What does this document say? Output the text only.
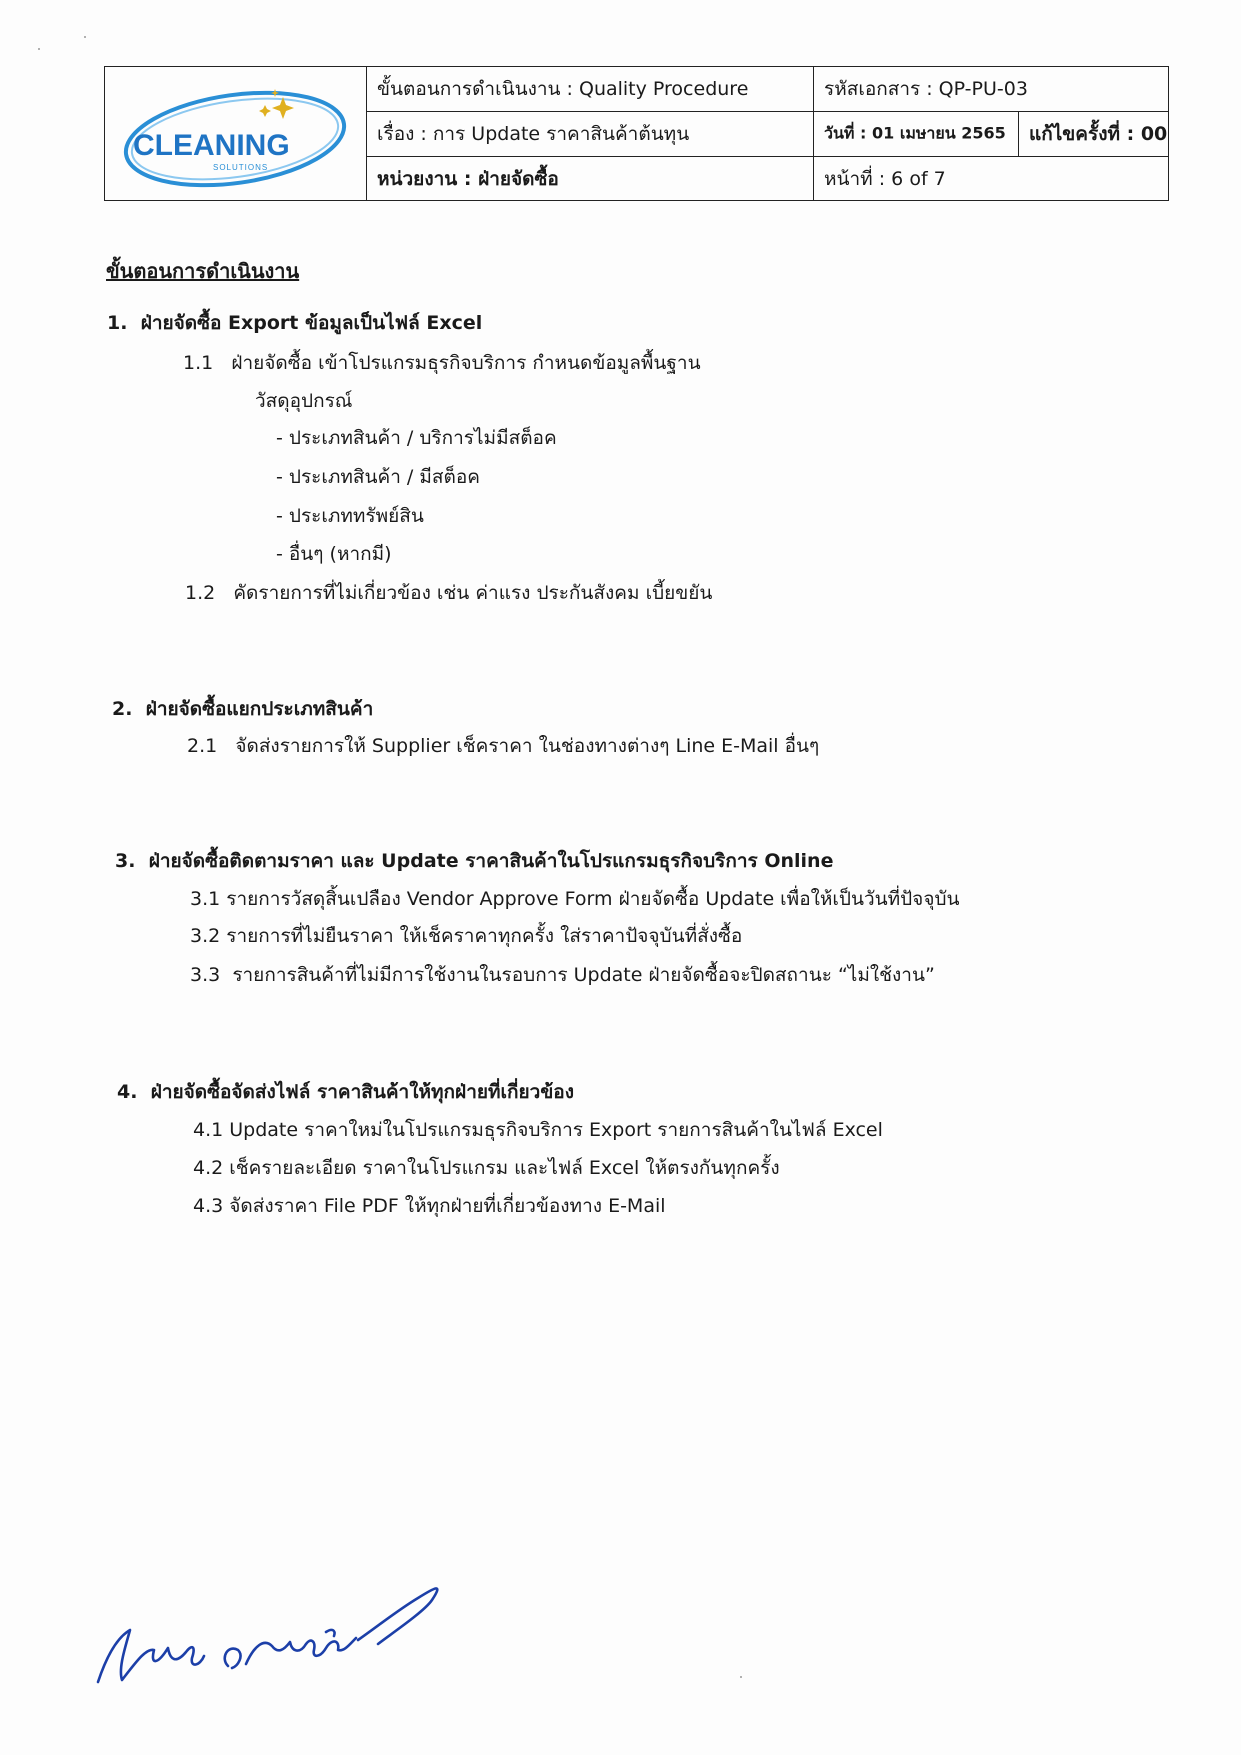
CLEANING
SOLUTIONS
ขั้นตอนการดำเนินงาน : Quality Procedure
เรื่อง : การ Update ราคาสินค้าต้นทุน
หน่วยงาน : ฝ่ายจัดซื้อ
รหัสเอกสาร : QP-PU-03
วันที่ : 01 เมษายน 2565 แก้ไขครั้งที่ : 00
หน้าที่ : 6 of 7
ขั้นตอนการดำเนินงาน
1. ฝ่ายจัดซื้อ Export ข้อมูลเป็นไฟล์ Excel
1.1 ฝ่ายจัดซื้อ เข้าโปรแกรมธุรกิจบริการ กำหนดข้อมูลพื้นฐาน
วัสดุอุปกรณ์
- ประเภทสินค้า / บริการไม่มีสต็อค
- ประเภทสินค้า / มีสต็อค
- ประเภททรัพย์สิน
- อื่นๆ (หากมี)
1.2 คัดรายการที่ไม่เกี่ยวข้อง เช่น ค่าแรง ประกันสังคม เบี้ยขยัน
2. ฝ่ายจัดซื้อแยกประเภทสินค้า
2.1 จัดส่งรายการให้ Supplier เช็คราคา ในช่องทางต่างๆ Line E-Mail อื่นๆ
3. ฝ่ายจัดซื้อติดตามราคา และ Update ราคาสินค้าในโปรแกรมธุรกิจบริการ Online
3.1 รายการวัสดุสิ้นเปลือง Vendor Approve Form ฝ่ายจัดซื้อ Update เพื่อให้เป็นวันที่ปัจจุบัน
3.2 รายการที่ไม่ยืนราคา ให้เช็คราคาทุกครั้ง ใส่ราคาปัจจุบันที่สั่งซื้อ
3.3 รายการสินค้าที่ไม่มีการใช้งานในรอบการ Update ฝ่ายจัดซื้อจะปิดสถานะ “ไม่ใช้งาน”
4. ฝ่ายจัดซื้อจัดส่งไฟล์ ราคาสินค้าให้ทุกฝ่ายที่เกี่ยวข้อง
4.1 Update ราคาใหม่ในโปรแกรมธุรกิจบริการ Export รายการสินค้าในไฟล์ Excel
4.2 เช็ครายละเอียด ราคาในโปรแกรม และไฟล์ Excel ให้ตรงกันทุกครั้ง
4.3 จัดส่งราคา File PDF ให้ทุกฝ่ายที่เกี่ยวข้องทาง E-Mail
